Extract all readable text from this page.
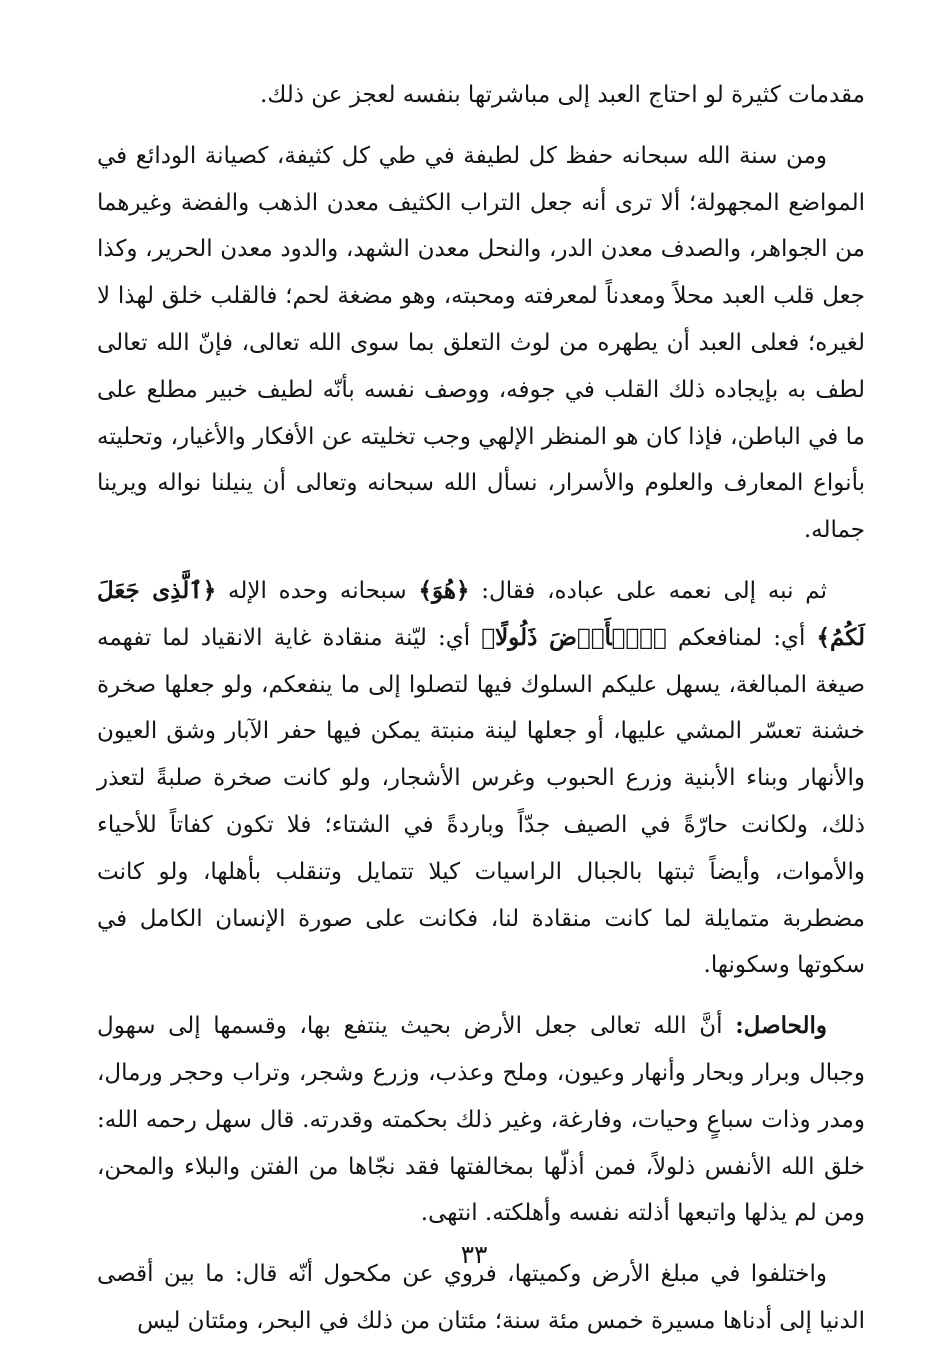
مقدمات كثيرة لو احتاج العبد إلى مباشرتها بنفسه لعجز عن ذلك.

ومن سنة الله سبحانه حفظ كل لطيفة في طي كل كثيفة، كصيانة الودائع في المواضع المجهولة؛ ألا ترى أنه جعل التراب الكثيف معدن الذهب والفضة وغيرهما من الجواهر، والصدف معدن الدر، والنحل معدن الشهد، والدود معدن الحرير، وكذا جعل قلب العبد محلاً ومعدناً لمعرفته ومحبته، وهو مضغة لحم؛ فالقلب خلق لهذا لا لغيره؛ فعلى العبد أن يطهره من لوث التعلق بما سوى الله تعالى، فإنّ الله تعالى لطف به بإيجاده ذلك القلب في جوفه، ووصف نفسه بأنّه لطيف خبير مطلع على ما في الباطن، فإذا كان هو المنظر الإلهي وجب تخليته عن الأفكار والأغيار، وتحليته بأنواع المعارف والعلوم والأسرار، نسأل الله سبحانه وتعالى أن ينيلنا نواله ويرينا جماله.

ثم نبه إلى نعمه على عباده، فقال: ﴿هُوَ﴾ سبحانه وحده الإله ﴿ٱلَّذِى جَعَلَ لَكُمُ﴾ أي: لمنافعكم ﴿ٱلۡأَرۡضَ ذَلُولًا﴾ أي: ليّنة منقادة غاية الانقياد لما تفهمه صيغة المبالغة، يسهل عليكم السلوك فيها لتصلوا إلى ما ينفعكم، ولو جعلها صخرة خشنة تعسّر المشي عليها، أو جعلها لينة منبتة يمكن فيها حفر الآبار وشق العيون والأنهار وبناء الأبنية وزرع الحبوب وغرس الأشجار، ولو كانت صخرة صلبةً لتعذر ذلك، ولكانت حارّةً في الصيف جدّاً وباردةً في الشتاء؛ فلا تكون كفاتاً للأحياء والأموات، وأيضاً ثبتها بالجبال الراسيات كيلا تتمايل وتنقلب بأهلها، ولو كانت مضطربة متمايلة لما كانت منقادة لنا، فكانت على صورة الإنسان الكامل في سكوتها وسكونها.

والحاصل: أنَّ الله تعالى جعل الأرض بحيث ينتفع بها، وقسمها إلى سهول وجبال وبرار وبحار وأنهار وعيون، وملح وعذب، وزرع وشجر، وتراب وحجر ورمال، ومدر وذات سباعٍ وحيات، وفارغة، وغير ذلك بحكمته وقدرته. قال سهل رحمه الله: خلق الله الأنفس ذلولاً، فمن أذلّها بمخالفتها فقد نجّاها من الفتن والبلاء والمحن، ومن لم يذلها واتبعها أذلته نفسه وأهلكته. انتهى.

واختلفوا في مبلغ الأرض وكميتها، فروي عن مكحول أنّه قال: ما بين أقصى الدنيا إلى أدناها مسيرة خمس مئة سنة؛ مئتان من ذلك في البحر، ومئتان ليس

٣٣
